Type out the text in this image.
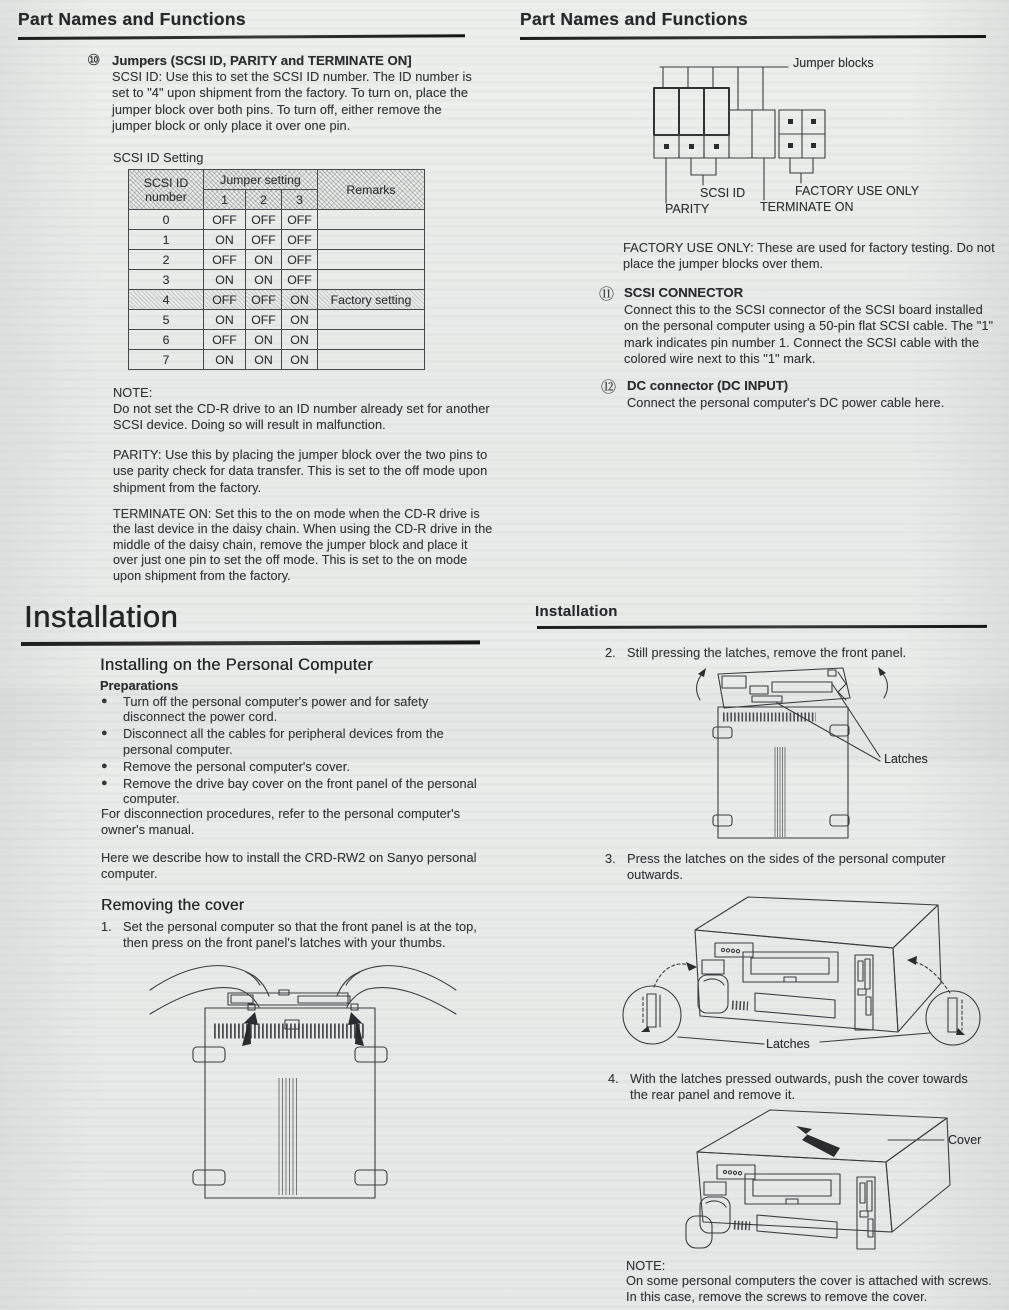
Part Names and Functions
⑩ Jumpers (SCSI ID, PARITY and TERMINATE ON]
SCSI ID: Use this to set the SCSI ID number. The ID number is set to "4" upon shipment from the factory. To turn on, place the jumper block over both pins. To turn off, either remove the jumper block or only place it over one pin.
SCSI ID Setting
SCSI ID number	Jumper setting			Remarks
	1	2	3	
0	OFF	OFF	OFF	
1	ON	OFF	OFF	
2	OFF	ON	OFF	
3	ON	ON	OFF	
4	OFF	OFF	ON	Factory setting
5	ON	OFF	ON	
6	OFF	ON	ON	
7	ON	ON	ON	
NOTE:
Do not set the CD-R drive to an ID number already set for another SCSI device. Doing so will result in malfunction.
PARITY: Use this by placing the jumper block over the two pins to use parity check for data transfer. This is set to the off mode upon shipment from the factory.
TERMINATE ON: Set this to the on mode when the CD-R drive is the last device in the daisy chain. When using the CD-R drive in the middle of the daisy chain, remove the jumper block and place it over just one pin to set the off mode. This is set to the on mode upon shipment from the factory.
Part Names and Functions
Jumper blocks
SCSI ID	FACTORY USE ONLY
PARITY	TERMINATE ON
FACTORY USE ONLY: These are used for factory testing. Do not place the jumper blocks over them.
⑪ SCSI CONNECTOR
Connect this to the SCSI connector of the SCSI board installed on the personal computer using a 50-pin flat SCSI cable. The "1" mark indicates pin number 1. Connect the SCSI cable with the colored wire next to this "1" mark.
⑫ DC connector (DC INPUT)
Connect the personal computer's DC power cable here.
Installation
Installing on the Personal Computer
Preparations
●	Turn off the personal computer's power and for safety disconnect the power cord.
●	Disconnect all the cables for peripheral devices from the personal computer.
●	Remove the personal computer's cover.
●	Remove the drive bay cover on the front panel of the personal computer.
For disconnection procedures, refer to the personal computer's owner's manual.
Here we describe how to install the CRD-RW2 on Sanyo personal computer.
Removing the cover
1. Set the personal computer so that the front panel is at the top, then press on the front panel's latches with your thumbs.
Installation
2. Still pressing the latches, remove the front panel.
Latches
3. Press the latches on the sides of the personal computer outwards.
Latches
4. With the latches pressed outwards, push the cover towards the rear panel and remove it.
Cover
NOTE:
On some personal computers the cover is attached with screws. In this case, remove the screws to remove the cover.
